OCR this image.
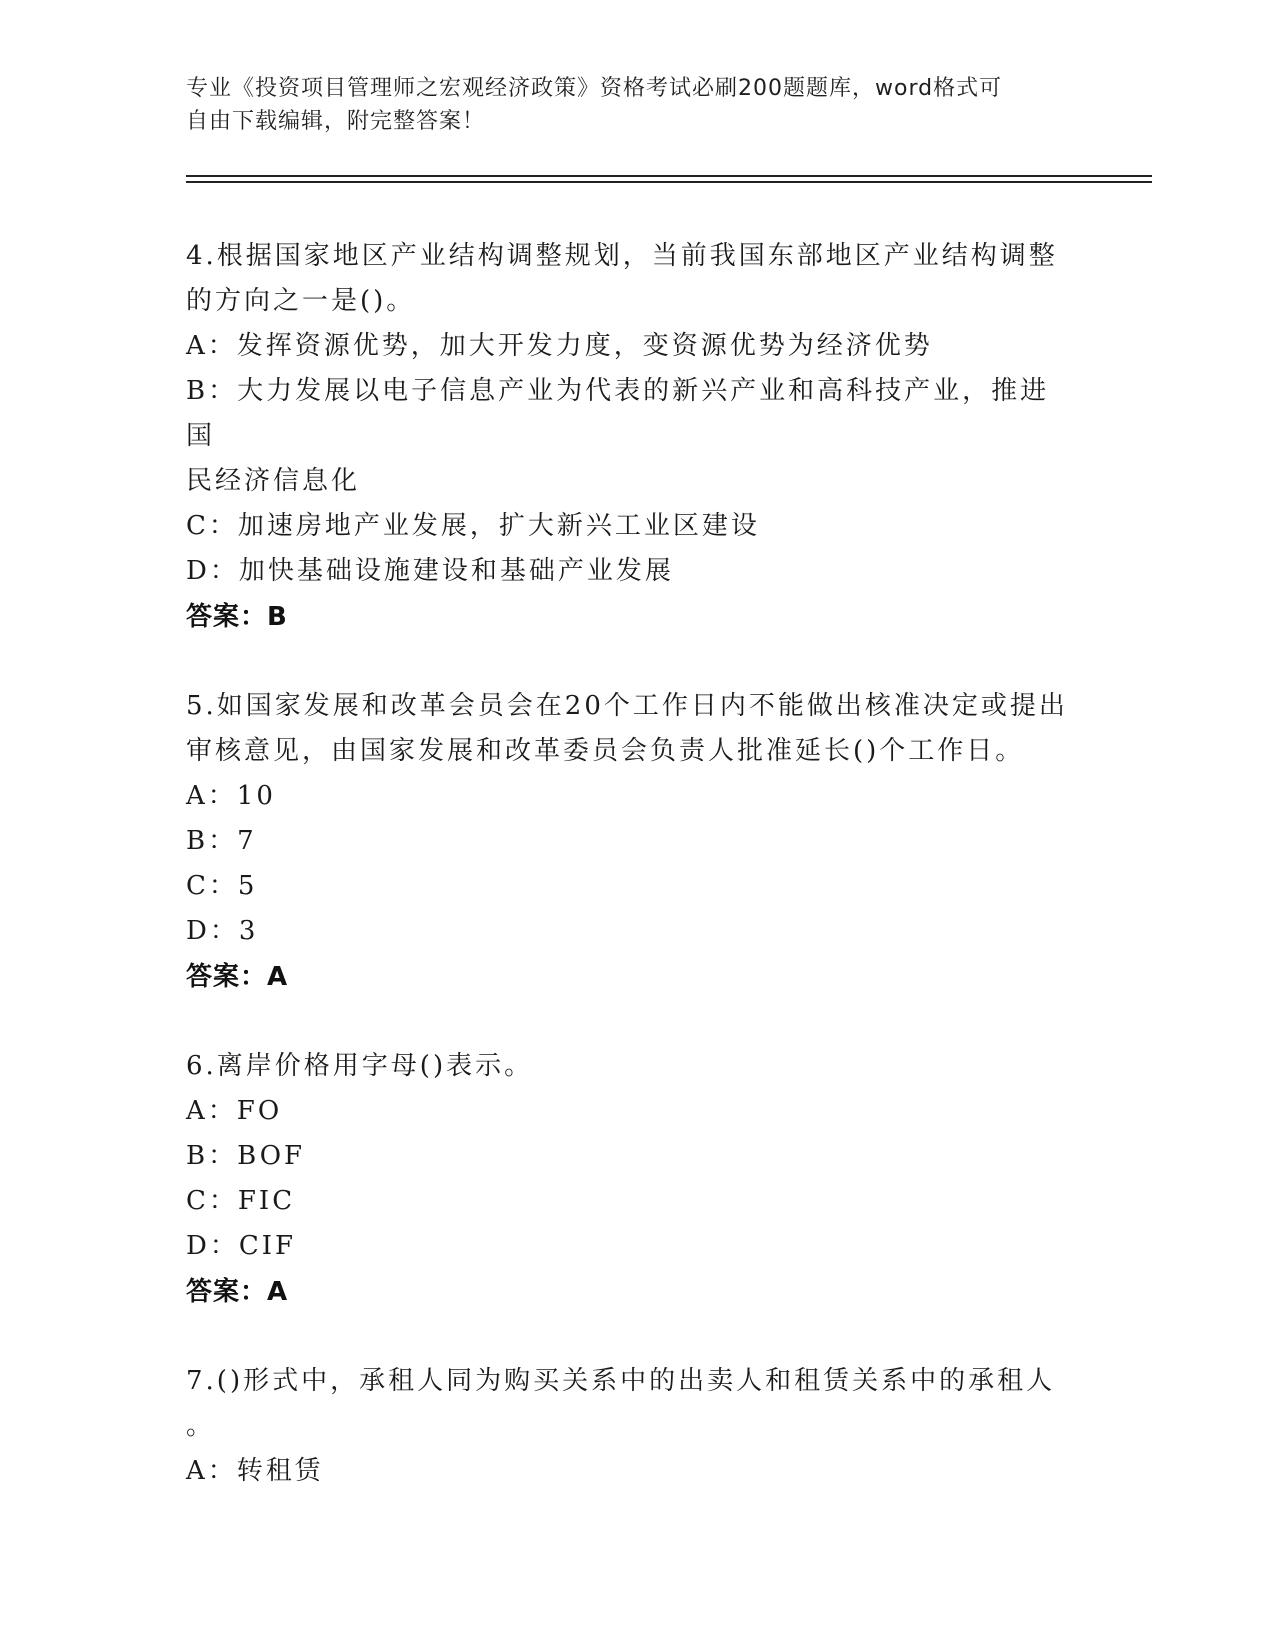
专业《投资项目管理师之宏观经济政策》资格考试必刷200题题库，word格式可
自由下载编辑，附完整答案！
4.根据国家地区产业结构调整规划，当前我国东部地区产业结构调整
的方向之一是()。
A：发挥资源优势，加大开发力度，变资源优势为经济优势
B：大力发展以电子信息产业为代表的新兴产业和高科技产业，推进国
民经济信息化
C：加速房地产业发展，扩大新兴工业区建设
D：加快基础设施建设和基础产业发展
答案：B
5.如国家发展和改革会员会在20个工作日内不能做出核准决定或提出
审核意见，由国家发展和改革委员会负责人批准延长()个工作日。
A：10
B：7
C：5
D：3
答案：A
6.离岸价格用字母()表示。
A：FO
B：BOF
C：FIC
D：CIF
答案：A
7.()形式中，承租人同为购买关系中的出卖人和租赁关系中的承租人
。
A：转租赁
